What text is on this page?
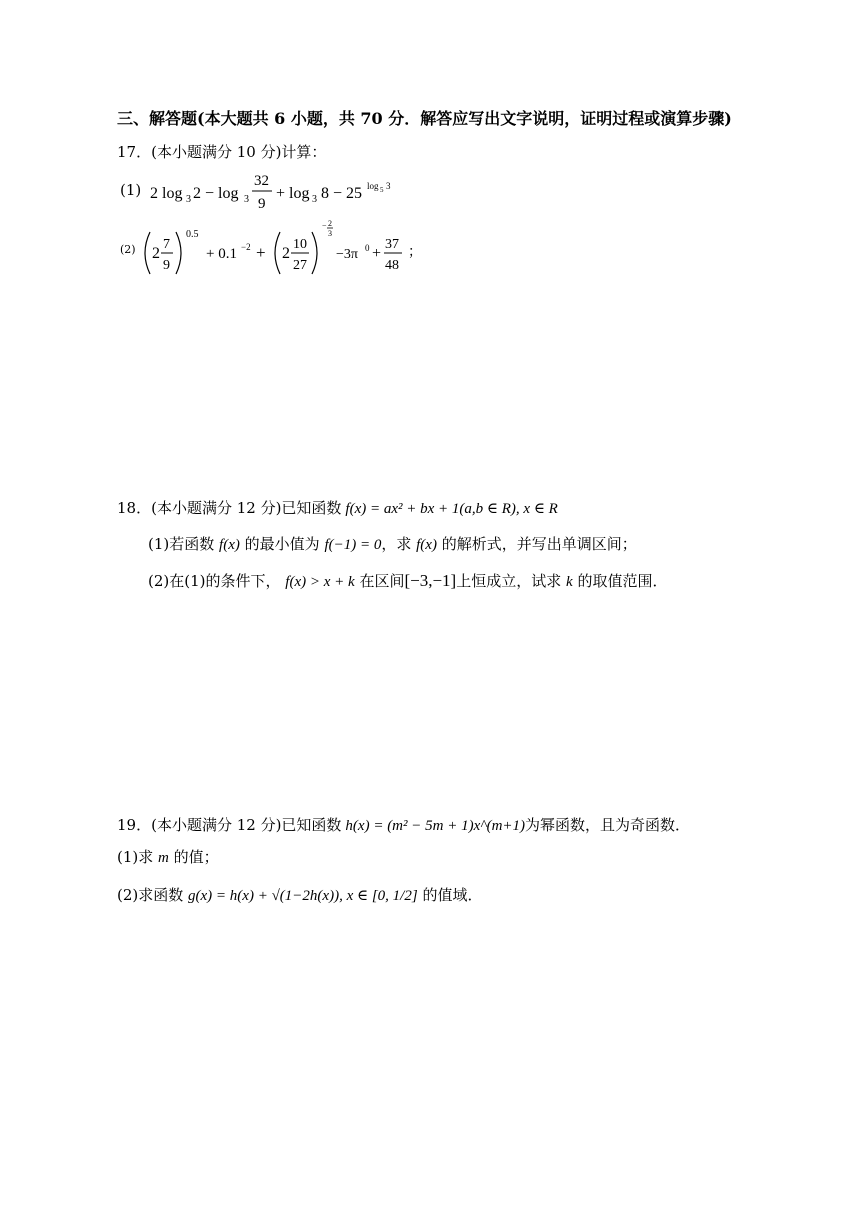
三、解答题(本大题共 6 小题，共 70 分．解答应写出文字说明，证明过程或演算步骤)
17．(本小题满分 10 分)计算：
(1) 2 log 3 2 − log 3
32
9
+ log 3 8 − 25 log 5 3
(2)	；
2
7
9
0.5
+ 0.1 −2 + 2
10
27
− 2
3
−3π 0 +
37
48
18．(本小题满分 12 分)已知函数 f(x) = ax² + bx + 1(a,b ∈ R), x ∈ R
(1)若函数 f(x) 的最小值为 f(−1) = 0，求 f(x) 的解析式，并写出单调区间；
(2)在(1)的条件下， f(x) > x + k 在区间[−3,−1]上恒成立，试求 k 的取值范围．
19．(本小题满分 12 分)已知函数 h(x) = (m² − 5m + 1)x^(m+1)为幂函数，且为奇函数．
(1)求 m 的值；
(2)求函数 g(x) = h(x) + √(1−2h(x)), x ∈ [0, 1/2] 的值域．
